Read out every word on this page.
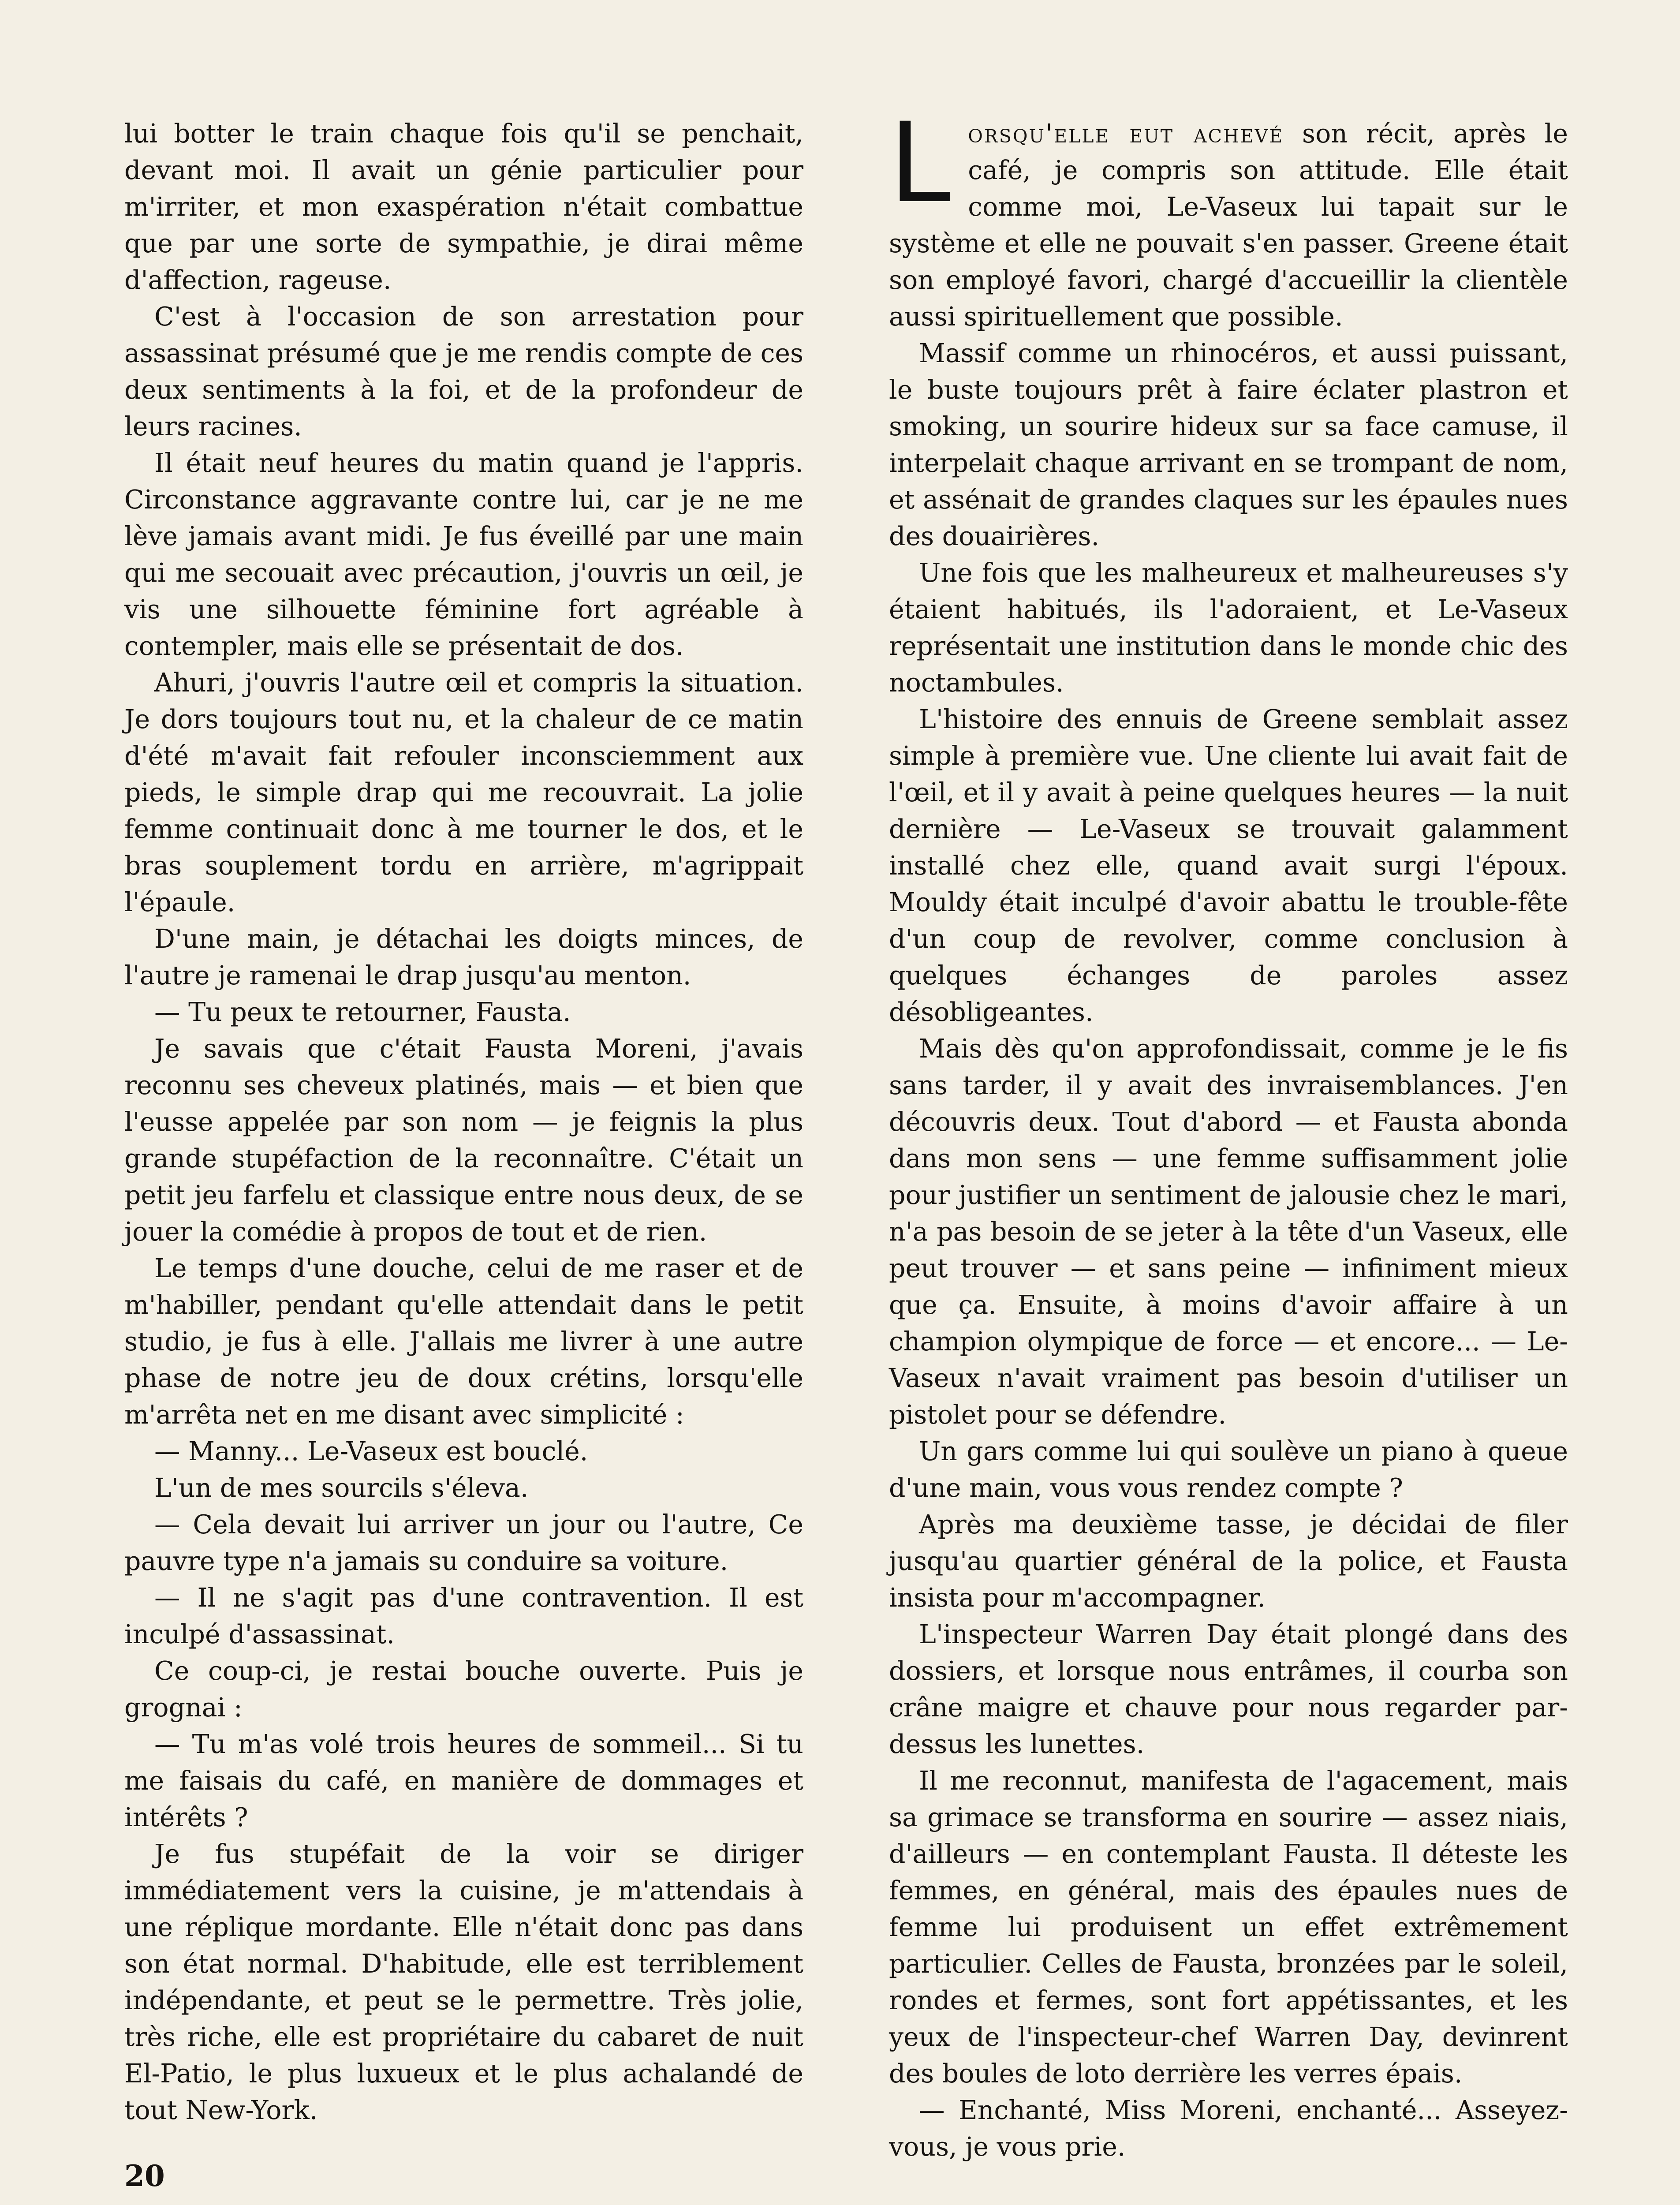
lui botter le train chaque fois qu'il se penchait, devant moi. Il avait un génie particulier pour m'irriter, et mon exaspération n'était combattue que par une sorte de sympathie, je dirai même d'affection, rageuse.

C'est à l'occasion de son arrestation pour assassinat présumé que je me rendis compte de ces deux sentiments à la foi, et de la profondeur de leurs racines.

Il était neuf heures du matin quand je l'appris. Circonstance aggravante contre lui, car je ne me lève jamais avant midi. Je fus éveillé par une main qui me secouait avec précaution, j'ouvris un œil, je vis une silhouette féminine fort agréable à contempler, mais elle se présentait de dos.

Ahuri, j'ouvris l'autre œil et compris la situation. Je dors toujours tout nu, et la chaleur de ce matin d'été m'avait fait refouler inconsciemment aux pieds, le simple drap qui me recouvrait. La jolie femme continuait donc à me tourner le dos, et le bras souplement tordu en arrière, m'agrippait l'épaule.

D'une main, je détachai les doigts minces, de l'autre je ramenai le drap jusqu'au menton.

— Tu peux te retourner, Fausta.

Je savais que c'était Fausta Moreni, j'avais reconnu ses cheveux platinés, mais — et bien que l'eusse appelée par son nom — je feignis la plus grande stupéfaction de la reconnaître. C'était un petit jeu farfelu et classique entre nous deux, de se jouer la comédie à propos de tout et de rien.

Le temps d'une douche, celui de me raser et de m'habiller, pendant qu'elle attendait dans le petit studio, je fus à elle. J'allais me livrer à une autre phase de notre jeu de doux crétins, lorsqu'elle m'arrêta net en me disant avec simplicité :

— Manny... Le-Vaseux est bouclé.

L'un de mes sourcils s'éleva.

— Cela devait lui arriver un jour ou l'autre, Ce pauvre type n'a jamais su conduire sa voiture.

— Il ne s'agit pas d'une contravention. Il est inculpé d'assassinat.

Ce coup-ci, je restai bouche ouverte. Puis je grognai :

— Tu m'as volé trois heures de sommeil... Si tu me faisais du café, en manière de dommages et intérêts ?

Je fus stupéfait de la voir se diriger immédiatement vers la cuisine, je m'attendais à une réplique mordante. Elle n'était donc pas dans son état normal. D'habitude, elle est terriblement indépendante, et peut se le permettre. Très jolie, très riche, elle est propriétaire du cabaret de nuit El-Patio, le plus luxueux et le plus achalandé de tout New-York.

Lorsqu'elle eut achevé son récit, après le café, je compris son attitude. Elle était comme moi, Le-Vaseux lui tapait sur le système et elle ne pouvait s'en passer. Greene était son employé favori, chargé d'accueillir la clientèle aussi spirituellement que possible.

Massif comme un rhinocéros, et aussi puissant, le buste toujours prêt à faire éclater plastron et smoking, un sourire hideux sur sa face camuse, il interpelait chaque arrivant en se trompant de nom, et assénait de grandes claques sur les épaules nues des douairières.

Une fois que les malheureux et malheureuses s'y étaient habitués, ils l'adoraient, et Le-Vaseux représentait une institution dans le monde chic des noctambules.

L'histoire des ennuis de Greene semblait assez simple à première vue. Une cliente lui avait fait de l'œil, et il y avait à peine quelques heures — la nuit dernière — Le-Vaseux se trouvait galamment installé chez elle, quand avait surgi l'époux. Mouldy était inculpé d'avoir abattu le trouble-fête d'un coup de revolver, comme conclusion à quelques échanges de paroles assez désobligeantes.

Mais dès qu'on approfondissait, comme je le fis sans tarder, il y avait des invraisemblances. J'en découvris deux. Tout d'abord — et Fausta abonda dans mon sens — une femme suffisamment jolie pour justifier un sentiment de jalousie chez le mari, n'a pas besoin de se jeter à la tête d'un Vaseux, elle peut trouver — et sans peine — infiniment mieux que ça. Ensuite, à moins d'avoir affaire à un champion olympique de force — et encore... — Le-Vaseux n'avait vraiment pas besoin d'utiliser un pistolet pour se défendre.

Un gars comme lui qui soulève un piano à queue d'une main, vous vous rendez compte ?

Après ma deuxième tasse, je décidai de filer jusqu'au quartier général de la police, et Fausta insista pour m'accompagner.

L'inspecteur Warren Day était plongé dans des dossiers, et lorsque nous entrâmes, il courba son crâne maigre et chauve pour nous regarder par-dessus les lunettes.

Il me reconnut, manifesta de l'agacement, mais sa grimace se transforma en sourire — assez niais, d'ailleurs — en contemplant Fausta. Il déteste les femmes, en général, mais des épaules nues de femme lui produisent un effet extrêmement particulier. Celles de Fausta, bronzées par le soleil, rondes et fermes, sont fort appétissantes, et les yeux de l'inspecteur-chef Warren Day, devinrent des boules de loto derrière les verres épais.

— Enchanté, Miss Moreni, enchanté... Asseyez-vous, je vous prie.

20
